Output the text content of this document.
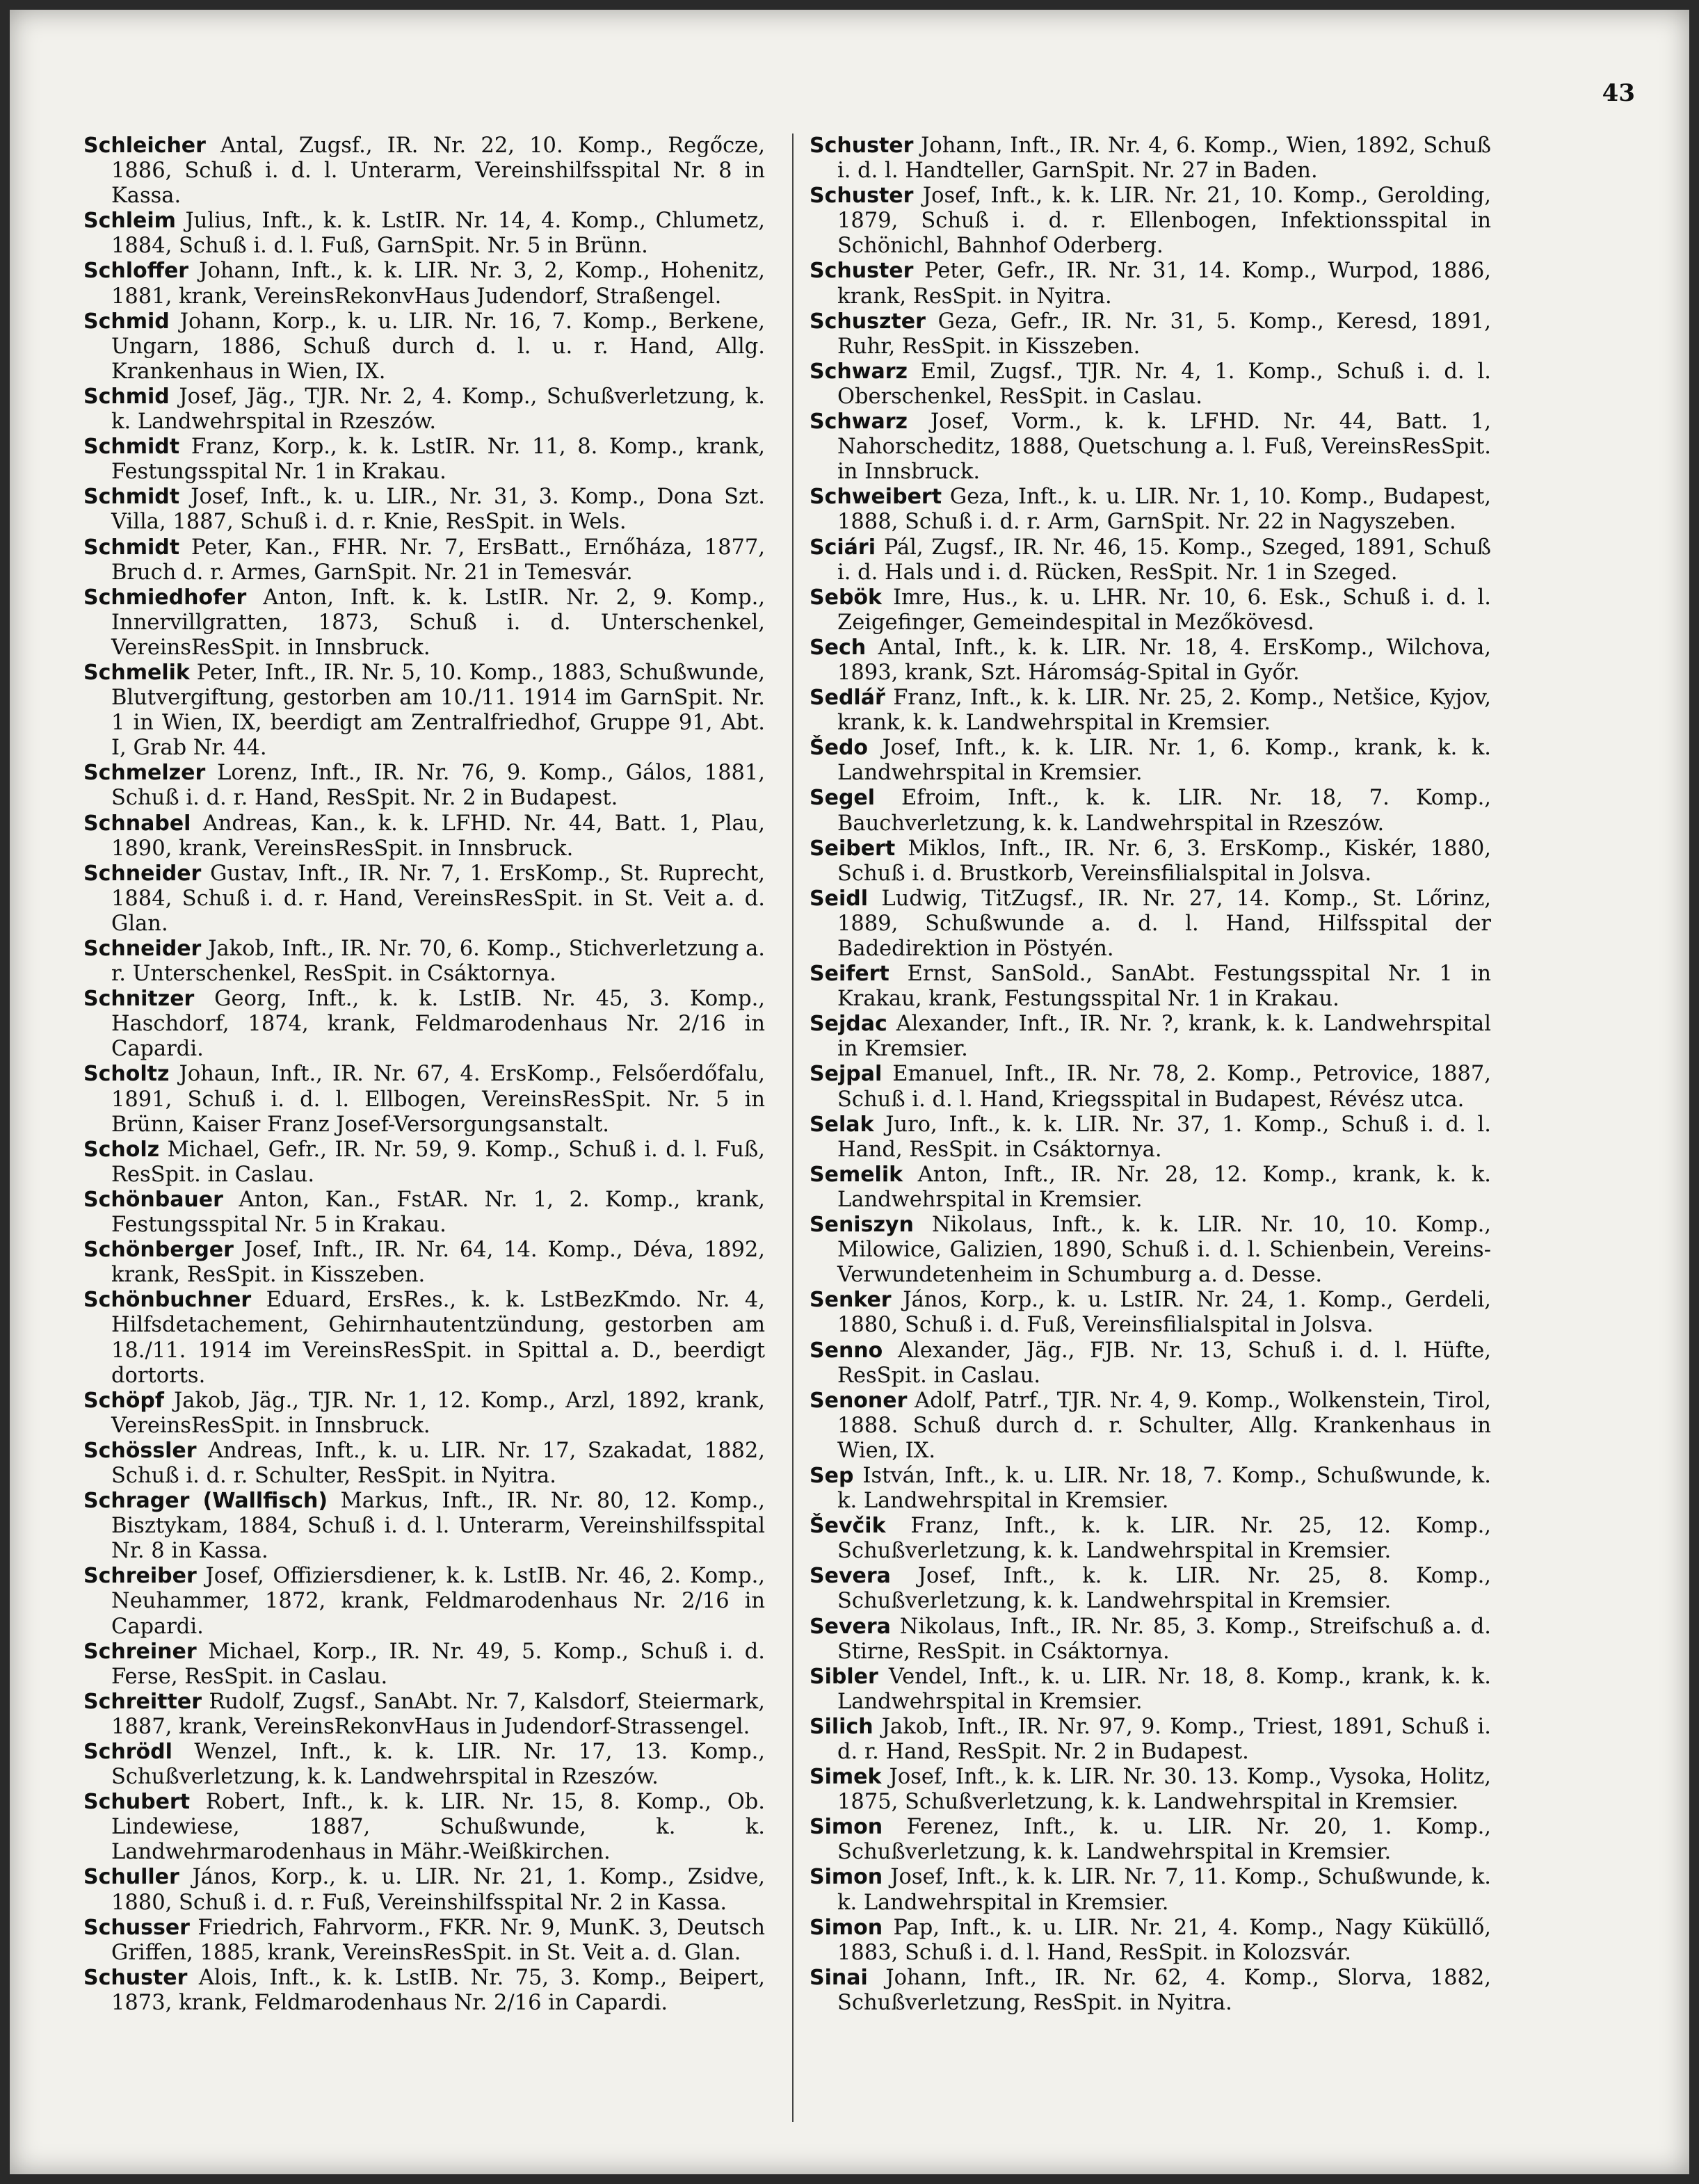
43

Schleicher Antal, Zugsf., IR. Nr. 22, 10. Komp., Regőcze, 1886, Schuß i. d. l. Unterarm, Vereinshilfsspital Nr. 8 in Kassa.

Schleim Julius, Inft., k. k. LstIR. Nr. 14, 4. Komp., Chlumetz, 1884, Schuß i. d. l. Fuß, GarnSpit. Nr. 5 in Brünn.

Schloffer Johann, Inft., k. k. LIR. Nr. 3, 2, Komp., Hohenitz, 1881, krank, VereinsRekonvHaus Judendorf, Straßengel.

Schmid Johann, Korp., k. u. LIR. Nr. 16, 7. Komp., Berkene, Ungarn, 1886, Schuß durch d. l. u. r. Hand, Allg. Krankenhaus in Wien, IX.

Schmid Josef, Jäg., TJR. Nr. 2, 4. Komp., Schußverletzung, k. k. Landwehrspital in Rzeszów.

Schmidt Franz, Korp., k. k. LstIR. Nr. 11, 8. Komp., krank, Festungsspital Nr. 1 in Krakau.

Schmidt Josef, Inft., k. u. LIR., Nr. 31, 3. Komp., Dona Szt. Villa, 1887, Schuß i. d. r. Knie, ResSpit. in Wels.

Schmidt Peter, Kan., FHR. Nr. 7, ErsBatt., Ernőháza, 1877, Bruch d. r. Armes, GarnSpit. Nr. 21 in Temesvár.

Schmiedhofer Anton, Inft. k. k. LstIR. Nr. 2, 9. Komp., Innervillgratten, 1873, Schuß i. d. Unterschenkel, VereinsResSpit. in Innsbruck.

Schmelik Peter, Inft., IR. Nr. 5, 10. Komp., 1883, Schußwunde, Blutvergiftung, gestorben am 10./11. 1914 im GarnSpit. Nr. 1 in Wien, IX, beerdigt am Zentralfriedhof, Gruppe 91, Abt. I, Grab Nr. 44.

Schmelzer Lorenz, Inft., IR. Nr. 76, 9. Komp., Gálos, 1881, Schuß i. d. r. Hand, ResSpit. Nr. 2 in Budapest.

Schnabel Andreas, Kan., k. k. LFHD. Nr. 44, Batt. 1, Plau, 1890, krank, VereinsResSpit. in Innsbruck.

Schneider Gustav, Inft., IR. Nr. 7, 1. ErsKomp., St. Ruprecht, 1884, Schuß i. d. r. Hand, VereinsResSpit. in St. Veit a. d. Glan.

Schneider Jakob, Inft., IR. Nr. 70, 6. Komp., Stichverletzung a. r. Unterschenkel, ResSpit. in Csáktornya.

Schnitzer Georg, Inft., k. k. LstIB. Nr. 45, 3. Komp., Haschdorf, 1874, krank, Feldmarodenhaus Nr. 2/16 in Capardi.

Scholtz Johaun, Inft., IR. Nr. 67, 4. ErsKomp., Felsőerdőfalu, 1891, Schuß i. d. l. Ellbogen, VereinsResSpit. Nr. 5 in Brünn, Kaiser Franz Josef-Versorgungsanstalt.

Scholz Michael, Gefr., IR. Nr. 59, 9. Komp., Schuß i. d. l. Fuß, ResSpit. in Caslau.

Schönbauer Anton, Kan., FstAR. Nr. 1, 2. Komp., krank, Festungsspital Nr. 5 in Krakau.

Schönberger Josef, Inft., IR. Nr. 64, 14. Komp., Déva, 1892, krank, ResSpit. in Kisszeben.

Schönbuchner Eduard, ErsRes., k. k. LstBezKmdo. Nr. 4, Hilfsdetachement, Gehirnhautentzündung, gestorben am 18./11. 1914 im VereinsResSpit. in Spittal a. D., beerdigt dortorts.

Schöpf Jakob, Jäg., TJR. Nr. 1, 12. Komp., Arzl, 1892, krank, VereinsResSpit. in Innsbruck.

Schössler Andreas, Inft., k. u. LIR. Nr. 17, Szakadat, 1882, Schuß i. d. r. Schulter, ResSpit. in Nyitra.

Schrager (Wallfisch) Markus, Inft., IR. Nr. 80, 12. Komp., Bisztykam, 1884, Schuß i. d. l. Unterarm, Vereinshilfsspital Nr. 8 in Kassa.

Schreiber Josef, Offiziersdiener, k. k. LstIB. Nr. 46, 2. Komp., Neuhammer, 1872, krank, Feldmarodenhaus Nr. 2/16 in Capardi.

Schreiner Michael, Korp., IR. Nr. 49, 5. Komp., Schuß i. d. Ferse, ResSpit. in Caslau.

Schreitter Rudolf, Zugsf., SanAbt. Nr. 7, Kalsdorf, Steiermark, 1887, krank, VereinsRekonvHaus in Judendorf-Strassengel.

Schrödl Wenzel, Inft., k. k. LIR. Nr. 17, 13. Komp., Schußverletzung, k. k. Landwehrspital in Rzeszów.

Schubert Robert, Inft., k. k. LIR. Nr. 15, 8. Komp., Ob. Lindewiese, 1887, Schußwunde, k. k. Landwehrmarodenhaus in Mähr.-Weißkirchen.

Schuller János, Korp., k. u. LIR. Nr. 21, 1. Komp., Zsidve, 1880, Schuß i. d. r. Fuß, Vereinshilfsspital Nr. 2 in Kassa.

Schusser Friedrich, Fahrvorm., FKR. Nr. 9, MunK. 3, Deutsch Griffen, 1885, krank, VereinsResSpit. in St. Veit a. d. Glan.

Schuster Alois, Inft., k. k. LstIB. Nr. 75, 3. Komp., Beipert, 1873, krank, Feldmarodenhaus Nr. 2/16 in Capardi.

Schuster Johann, Inft., IR. Nr. 4, 6. Komp., Wien, 1892, Schuß i. d. l. Handteller, GarnSpit. Nr. 27 in Baden.

Schuster Josef, Inft., k. k. LIR. Nr. 21, 10. Komp., Gerolding, 1879, Schuß i. d. r. Ellenbogen, Infektionsspital in Schönichl, Bahnhof Oderberg.

Schuster Peter, Gefr., IR. Nr. 31, 14. Komp., Wurpod, 1886, krank, ResSpit. in Nyitra.

Schuszter Geza, Gefr., IR. Nr. 31, 5. Komp., Keresd, 1891, Ruhr, ResSpit. in Kisszeben.

Schwarz Emil, Zugsf., TJR. Nr. 4, 1. Komp., Schuß i. d. l. Oberschenkel, ResSpit. in Caslau.

Schwarz Josef, Vorm., k. k. LFHD. Nr. 44, Batt. 1, Nahorscheditz, 1888, Quetschung a. l. Fuß, VereinsResSpit. in Innsbruck.

Schweibert Geza, Inft., k. u. LIR. Nr. 1, 10. Komp., Budapest, 1888, Schuß i. d. r. Arm, GarnSpit. Nr. 22 in Nagyszeben.

Sciári Pál, Zugsf., IR. Nr. 46, 15. Komp., Szeged, 1891, Schuß i. d. Hals und i. d. Rücken, ResSpit. Nr. 1 in Szeged.

Sebök Imre, Hus., k. u. LHR. Nr. 10, 6. Esk., Schuß i. d. l. Zeigefinger, Gemeindespital in Mezőkövesd.

Sech Antal, Inft., k. k. LIR. Nr. 18, 4. ErsKomp., Wilchova, 1893, krank, Szt. Háromság-Spital in Győr.

Sedlář Franz, Inft., k. k. LIR. Nr. 25, 2. Komp., Netšice, Kyjov, krank, k. k. Landwehrspital in Kremsier.

Šedo Josef, Inft., k. k. LIR. Nr. 1, 6. Komp., krank, k. k. Landwehrspital in Kremsier.

Segel Efroim, Inft., k. k. LIR. Nr. 18, 7. Komp., Bauchverletzung, k. k. Landwehrspital in Rzeszów.

Seibert Miklos, Inft., IR. Nr. 6, 3. ErsKomp., Kiskér, 1880, Schuß i. d. Brustkorb, Vereinsfilialspital in Jolsva.

Seidl Ludwig, TitZugsf., IR. Nr. 27, 14. Komp., St. Lőrinz, 1889, Schußwunde a. d. l. Hand, Hilfsspital der Badedirektion in Pöstyén.

Seifert Ernst, SanSold., SanAbt. Festungsspital Nr. 1 in Krakau, krank, Festungsspital Nr. 1 in Krakau.

Sejdac Alexander, Inft., IR. Nr. ?, krank, k. k. Landwehrspital in Kremsier.

Sejpal Emanuel, Inft., IR. Nr. 78, 2. Komp., Petrovice, 1887, Schuß i. d. l. Hand, Kriegsspital in Budapest, Révész utca.

Selak Juro, Inft., k. k. LIR. Nr. 37, 1. Komp., Schuß i. d. l. Hand, ResSpit. in Csáktornya.

Semelik Anton, Inft., IR. Nr. 28, 12. Komp., krank, k. k. Landwehrspital in Kremsier.

Seniszyn Nikolaus, Inft., k. k. LIR. Nr. 10, 10. Komp., Milowice, Galizien, 1890, Schuß i. d. l. Schienbein, Vereins-Verwundetenheim in Schumburg a. d. Desse.

Senker János, Korp., k. u. LstIR. Nr. 24, 1. Komp., Gerdeli, 1880, Schuß i. d. Fuß, Vereinsfilialspital in Jolsva.

Senno Alexander, Jäg., FJB. Nr. 13, Schuß i. d. l. Hüfte, ResSpit. in Caslau.

Senoner Adolf, Patrf., TJR. Nr. 4, 9. Komp., Wolkenstein, Tirol, 1888. Schuß durch d. r. Schulter, Allg. Krankenhaus in Wien, IX.

Sep István, Inft., k. u. LIR. Nr. 18, 7. Komp., Schußwunde, k. k. Landwehrspital in Kremsier.

Ševčik Franz, Inft., k. k. LIR. Nr. 25, 12. Komp., Schußverletzung, k. k. Landwehrspital in Kremsier.

Severa Josef, Inft., k. k. LIR. Nr. 25, 8. Komp., Schußverletzung, k. k. Landwehrspital in Kremsier.

Severa Nikolaus, Inft., IR. Nr. 85, 3. Komp., Streifschuß a. d. Stirne, ResSpit. in Csáktornya.

Sibler Vendel, Inft., k. u. LIR. Nr. 18, 8. Komp., krank, k. k. Landwehrspital in Kremsier.

Silich Jakob, Inft., IR. Nr. 97, 9. Komp., Triest, 1891, Schuß i. d. r. Hand, ResSpit. Nr. 2 in Budapest.

Simek Josef, Inft., k. k. LIR. Nr. 30. 13. Komp., Vysoka, Holitz, 1875, Schußverletzung, k. k. Landwehrspital in Kremsier.

Simon Ferenez, Inft., k. u. LIR. Nr. 20, 1. Komp., Schußverletzung, k. k. Landwehrspital in Kremsier.

Simon Josef, Inft., k. k. LIR. Nr. 7, 11. Komp., Schußwunde, k. k. Landwehrspital in Kremsier.

Simon Pap, Inft., k. u. LIR. Nr. 21, 4. Komp., Nagy Küküllő, 1883, Schuß i. d. l. Hand, ResSpit. in Kolozsvár.

Sinai Johann, Inft., IR. Nr. 62, 4. Komp., Slorva, 1882, Schußverletzung, ResSpit. in Nyitra.
